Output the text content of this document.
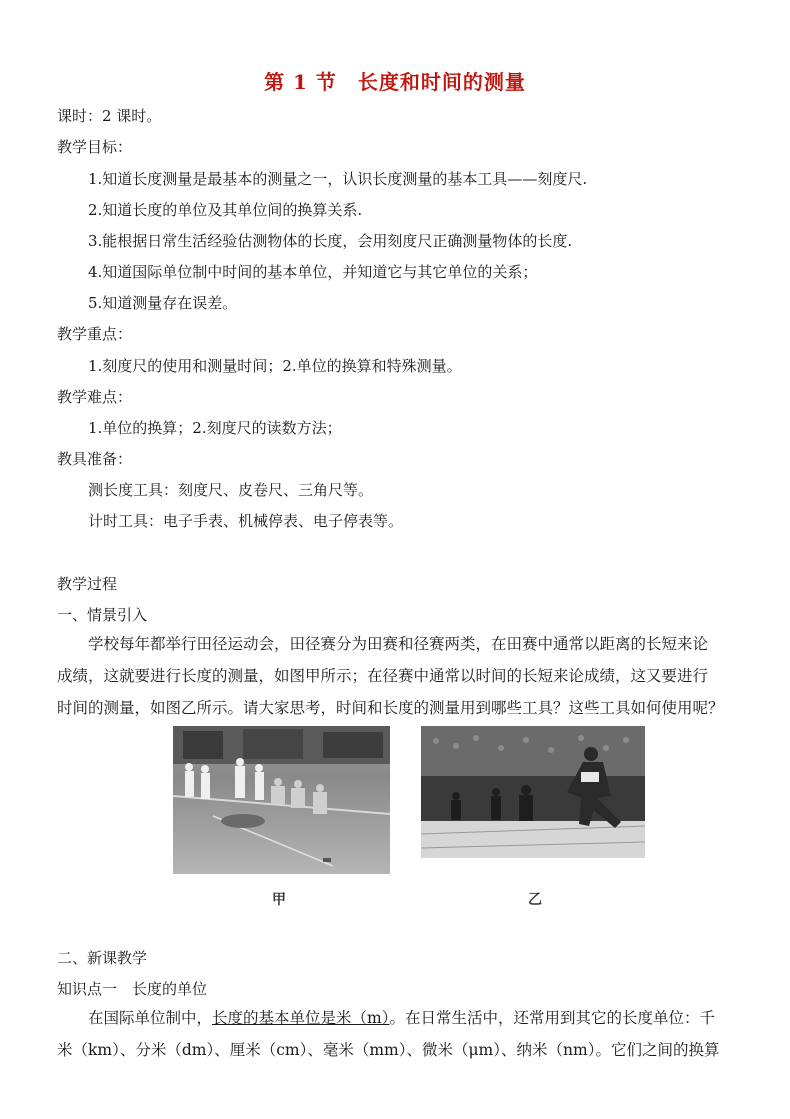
第 1 节　长度和时间的测量
课时：2 课时。
教学目标：
1.知道长度测量是最基本的测量之一，认识长度测量的基本工具——刻度尺.
2.知道长度的单位及其单位间的换算关系.
3.能根据日常生活经验估测物体的长度，会用刻度尺正确测量物体的长度.
4.知道国际单位制中时间的基本单位，并知道它与其它单位的关系；
5.知道测量存在误差。
教学重点：
1.刻度尺的使用和测量时间；2.单位的换算和特殊测量。
教学难点：
1.单位的换算；2.刻度尺的读数方法；
教具准备：
测长度工具：刻度尺、皮卷尺、三角尺等。
计时工具：电子手表、机械停表、电子停表等。
教学过程
一、情景引入
学校每年都举行田径运动会，田径赛分为田赛和径赛两类，在田赛中通常以距离的长短来论
成绩，这就要进行长度的测量，如图甲所示；在径赛中通常以时间的长短来论成绩，这又要进行
时间的测量，如图乙所示。请大家思考，时间和长度的测量用到哪些工具？这些工具如何使用呢？
甲	乙
二、新课教学
知识点一　长度的单位
在国际单位制中，长度的基本单位是米（m）。在日常生活中，还常用到其它的长度单位：千
米（km）、分米（dm）、厘米（cm）、毫米（mm）、微米（μm）、纳米（nm）。它们之间的换算
